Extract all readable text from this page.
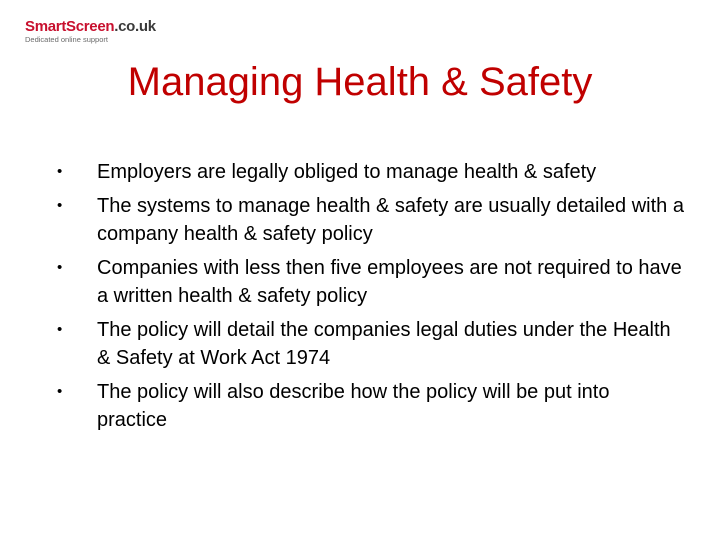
SmartScreen.co.uk
Dedicated online support
Managing Health & Safety
•	Employers are legally obliged to manage health & safety
•	The systems to manage health & safety are usually detailed with a company health & safety policy
•	Companies with less then five employees are not required to have a written health & safety policy
•	The policy will detail the companies legal duties under the Health & Safety at Work Act 1974
•	The policy will also describe how the policy will be put into practice
